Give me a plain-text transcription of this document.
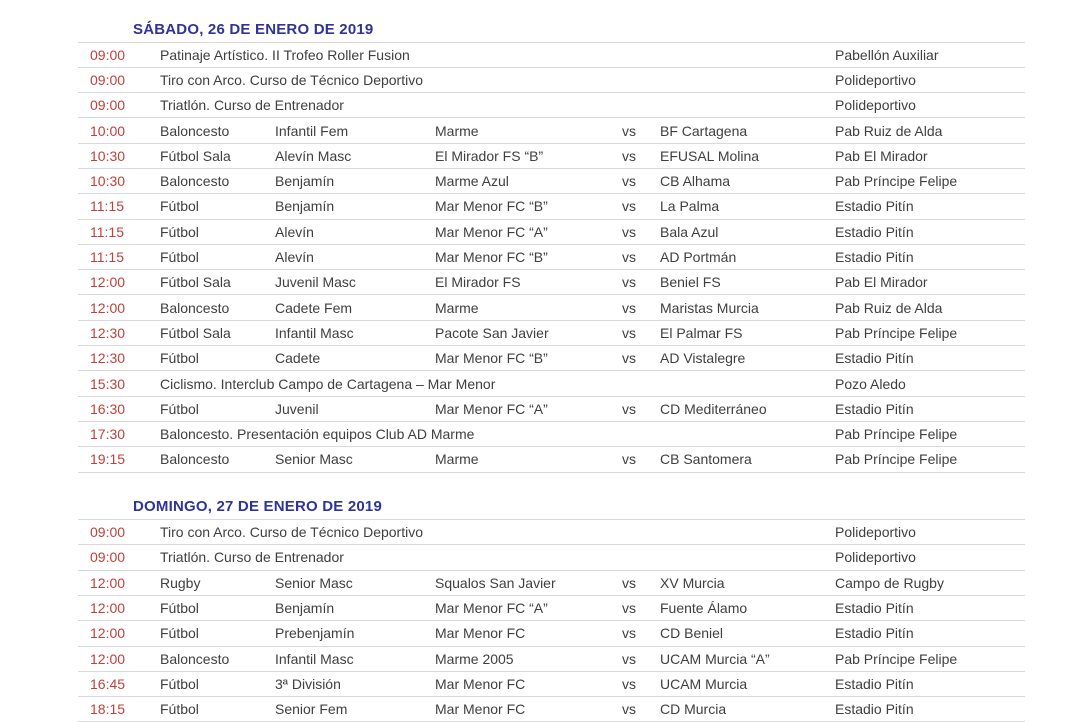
SÁBADO, 26 DE ENERO DE 2019
09:00	Patinaje Artístico. II Trofeo Roller Fusion	Pabellón Auxiliar
09:00	Tiro con Arco. Curso de Técnico Deportivo	Polideportivo
09:00	Triatlón. Curso de Entrenador	Polideportivo
10:00	Baloncesto	Infantil Fem	Marme	vs	BF Cartagena	Pab Ruiz de Alda
10:30	Fútbol Sala	Alevín Masc	El Mirador FS “B”	vs	EFUSAL Molina	Pab El Mirador
10:30	Baloncesto	Benjamín	Marme Azul	vs	CB Alhama	Pab Príncipe Felipe
11:15	Fútbol	Benjamín	Mar Menor FC “B”	vs	La Palma	Estadio Pitín
11:15	Fútbol	Alevín	Mar Menor FC “A”	vs	Bala Azul	Estadio Pitín
11:15	Fútbol	Alevín	Mar Menor FC “B”	vs	AD Portmán	Estadio Pitín
12:00	Fútbol Sala	Juvenil Masc	El Mirador FS	vs	Beniel FS	Pab El Mirador
12:00	Baloncesto	Cadete Fem	Marme	vs	Maristas Murcia	Pab Ruiz de Alda
12:30	Fútbol Sala	Infantil Masc	Pacote San Javier	vs	El Palmar FS	Pab Príncipe Felipe
12:30	Fútbol	Cadete	Mar Menor FC “B”	vs	AD Vistalegre	Estadio Pitín
15:30	Ciclismo. Interclub Campo de Cartagena – Mar Menor	Pozo Aledo
16:30	Fútbol	Juvenil	Mar Menor FC “A”	vs	CD Mediterráneo	Estadio Pitín
17:30	Baloncesto. Presentación equipos Club AD Marme	Pab Príncipe Felipe
19:15	Baloncesto	Senior Masc	Marme	vs	CB Santomera	Pab Príncipe Felipe
DOMINGO, 27 DE ENERO DE 2019
09:00	Tiro con Arco. Curso de Técnico Deportivo	Polideportivo
09:00	Triatlón. Curso de Entrenador	Polideportivo
12:00	Rugby	Senior Masc	Squalos San Javier	vs	XV Murcia	Campo de Rugby
12:00	Fútbol	Benjamín	Mar Menor FC “A”	vs	Fuente Álamo	Estadio Pitín
12:00	Fútbol	Prebenjamín	Mar Menor FC	vs	CD Beniel	Estadio Pitín
12:00	Baloncesto	Infantil Masc	Marme 2005	vs	UCAM Murcia “A”	Pab Príncipe Felipe
16:45	Fútbol	3ª División	Mar Menor FC	vs	UCAM Murcia	Estadio Pitín
18:15	Fútbol	Senior Fem	Mar Menor FC	vs	CD Murcia	Estadio Pitín
